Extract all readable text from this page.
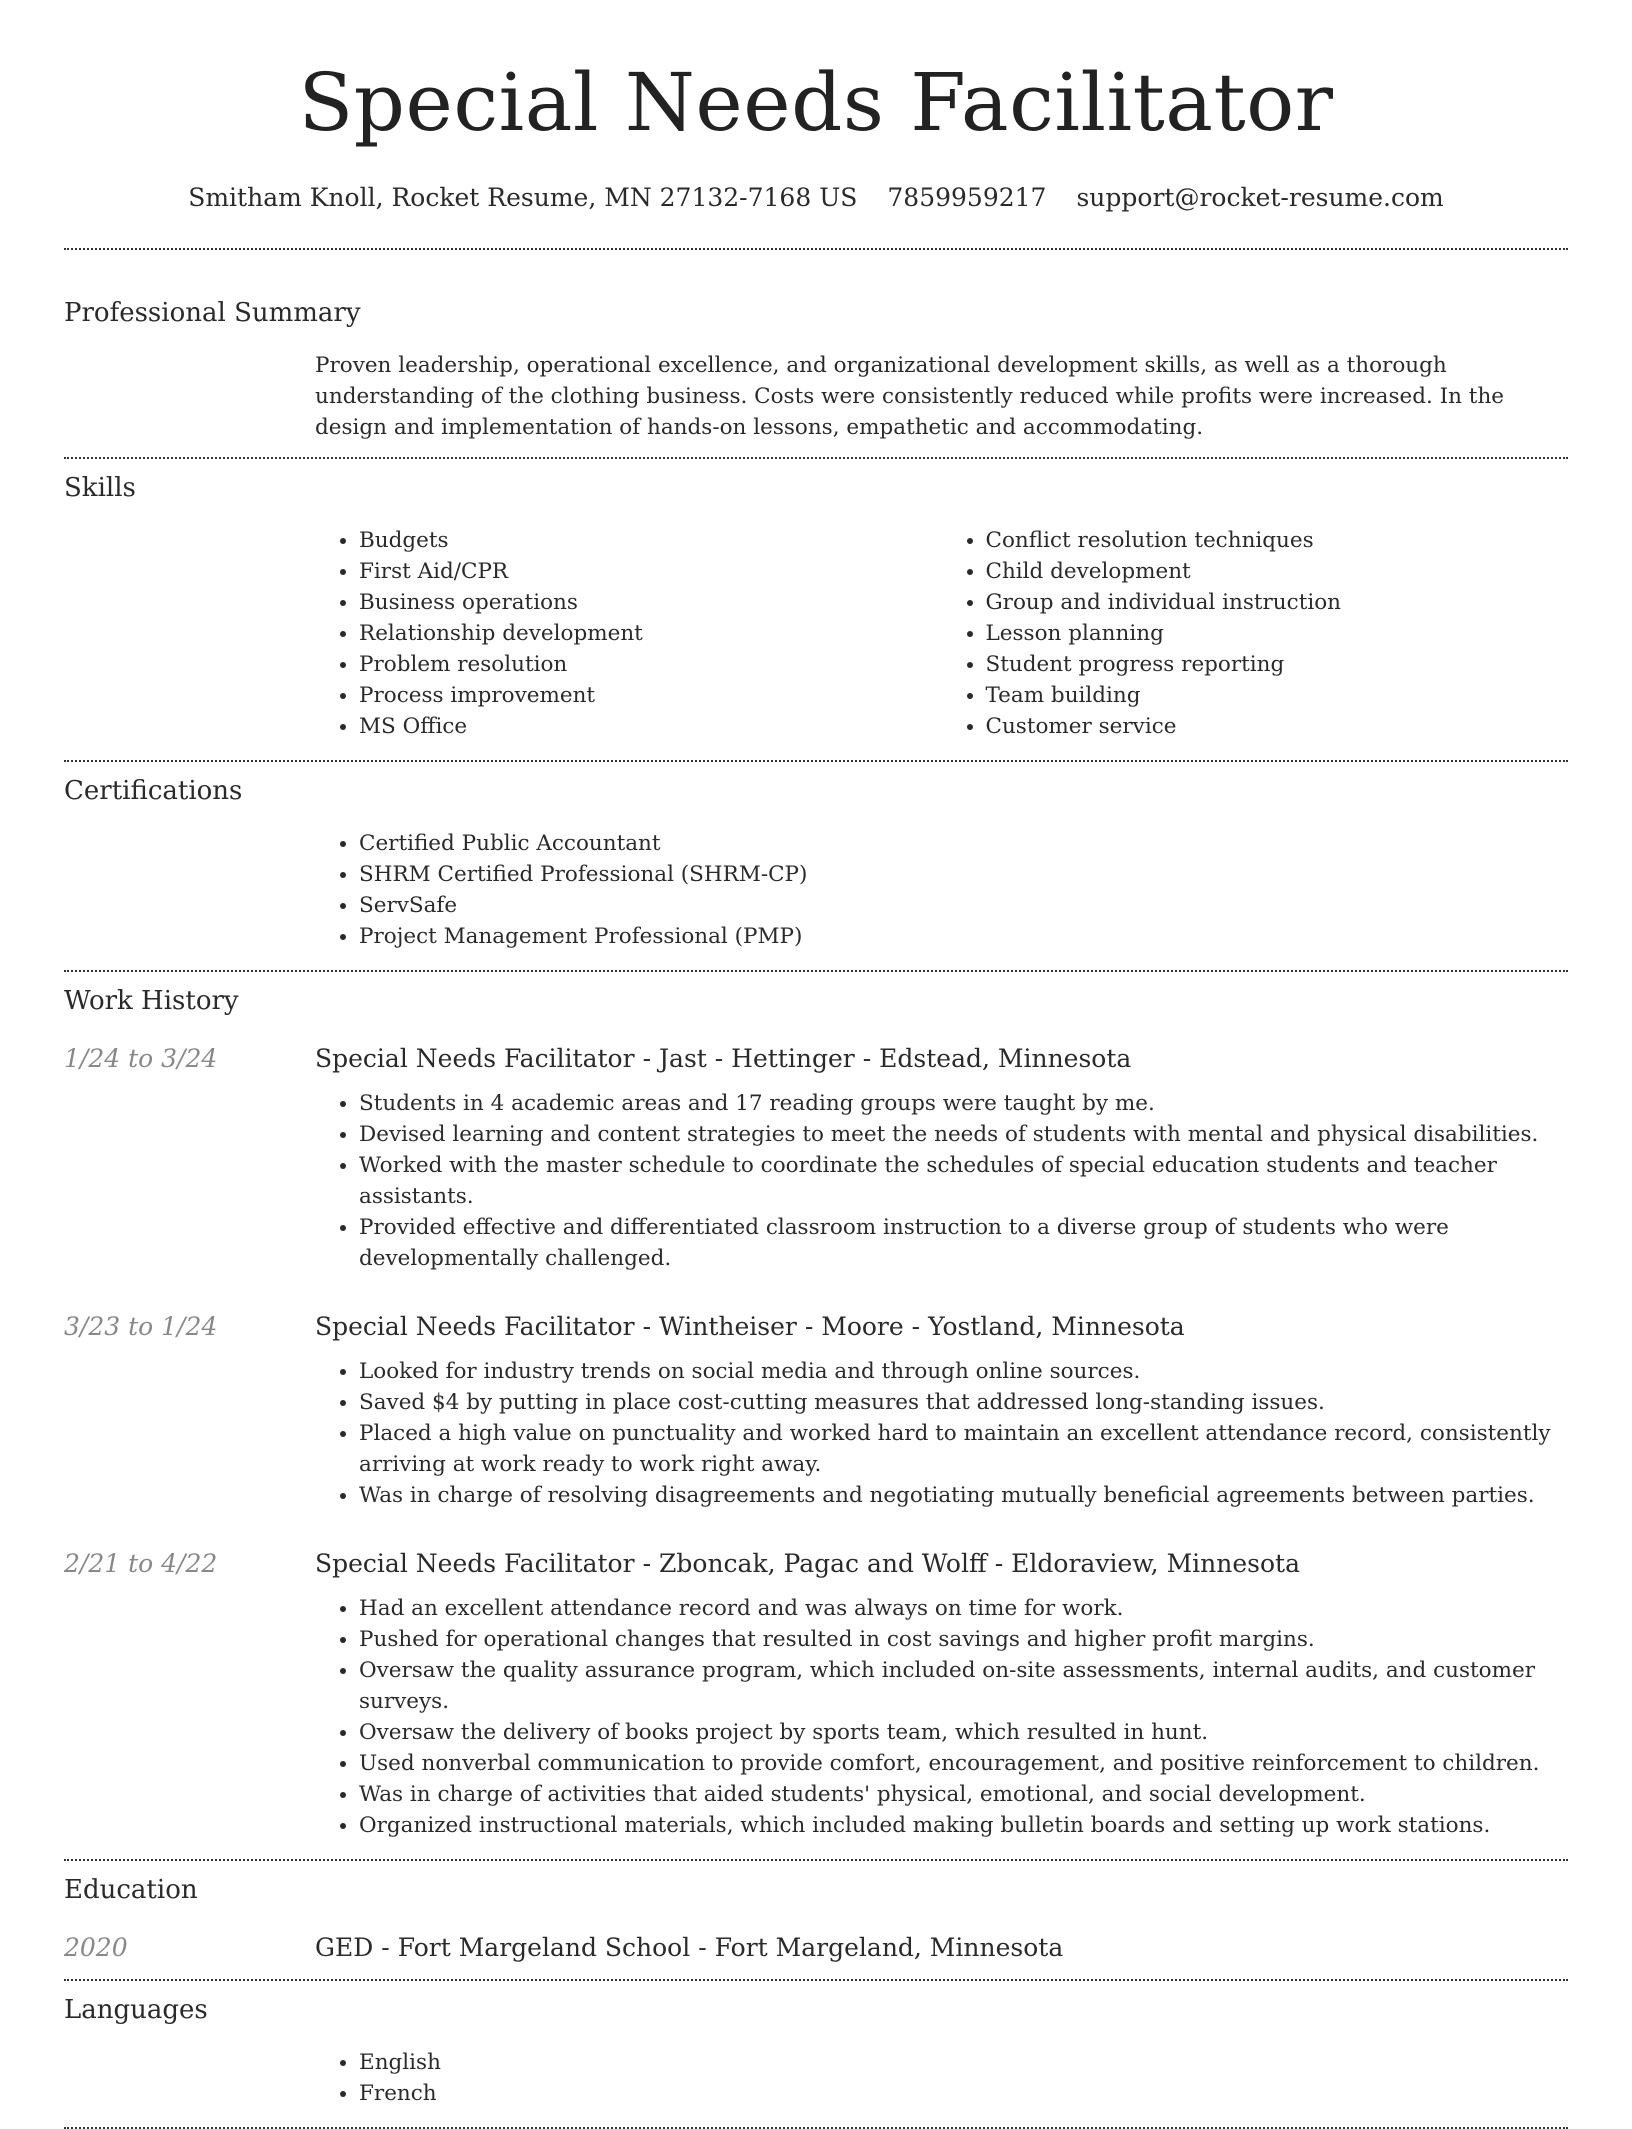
Special Needs Facilitator
Smitham Knoll, Rocket Resume, MN 27132-7168 US 7859959217 support@rocket-resume.com
Professional Summary

Proven leadership, operational excellence, and organizational development skills, as well as a thorough understanding of the clothing business. Costs were consistently reduced while profits were increased. In the design and implementation of hands-on lessons, empathetic and accommodating.

Skills
• Budgets
• First Aid/CPR
• Business operations
• Relationship development
• Problem resolution
• Process improvement
• MS Office
• Conflict resolution techniques
• Child development
• Group and individual instruction
• Lesson planning
• Student progress reporting
• Team building
• Customer service
Certifications
• Certified Public Accountant
• SHRM Certified Professional (SHRM-CP)
• ServSafe
• Project Management Professional (PMP)
Work History
1/24 to 3/24	Special Needs Facilitator - Jast - Hettinger - Edstead, Minnesota
• Students in 4 academic areas and 17 reading groups were taught by me.
• Devised learning and content strategies to meet the needs of students with mental and physical disabilities.
• Worked with the master schedule to coordinate the schedules of special education students and teacher assistants.
• Provided effective and differentiated classroom instruction to a diverse group of students who were developmentally challenged.
3/23 to 1/24	Special Needs Facilitator - Wintheiser - Moore - Yostland, Minnesota
• Looked for industry trends on social media and through online sources.
• Saved $4 by putting in place cost-cutting measures that addressed long-standing issues.
• Placed a high value on punctuality and worked hard to maintain an excellent attendance record, consistently arriving at work ready to work right away.
• Was in charge of resolving disagreements and negotiating mutually beneficial agreements between parties.
2/21 to 4/22	Special Needs Facilitator - Zboncak, Pagac and Wolff - Eldoraview, Minnesota
• Had an excellent attendance record and was always on time for work.
• Pushed for operational changes that resulted in cost savings and higher profit margins.
• Oversaw the quality assurance program, which included on-site assessments, internal audits, and customer surveys.
• Oversaw the delivery of books project by sports team, which resulted in hunt.
• Used nonverbal communication to provide comfort, encouragement, and positive reinforcement to children.
• Was in charge of activities that aided students' physical, emotional, and social development.
• Organized instructional materials, which included making bulletin boards and setting up work stations.
Education
2020	GED - Fort Margeland School - Fort Margeland, Minnesota
Languages
• English
• French
